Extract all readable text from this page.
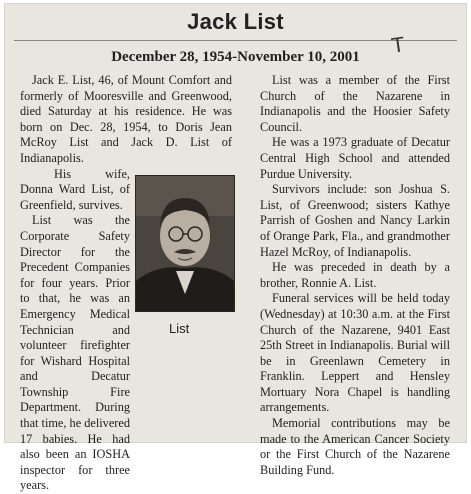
Jack List
December 28, 1954-November 10, 2001	T

Jack E. List, 46, of Mount Comfort and formerly of Mooresville and Greenwood, died Saturday at his residence. He was born on Dec. 28, 1954, to Doris Jean McRoy List and Jack D. List of Indianapolis.

His wife, Donna Ward List, of Greenfield, survives.

List was the Corporate Safety Director for the Precedent Companies for four years. Prior to that, he was an Emergency Medical Technician and volunteer firefighter for Wishard Hospital and Decatur Township Fire Department. During that time, he delivered 17 babies. He had also been an IOSHA inspector for three years.

List

List was a member of the First Church of the Nazarene in Indianapolis and the Hoosier Safety Council.

He was a 1973 graduate of Decatur Central High School and attended Purdue University.

Survivors include: son Joshua S. List, of Greenwood; sisters Kathye Parrish of Goshen and Nancy Larkin of Orange Park, Fla., and grandmother Hazel McRoy, of Indianapolis.

He was preceded in death by a brother, Ronnie A. List.

Funeral services will be held today (Wednesday) at 10:30 a.m. at the First Church of the Nazarene, 9401 East 25th Street in Indianapolis. Burial will be in Greenlawn Cemetery in Franklin. Leppert and Hensley Mortuary Nora Chapel is handling arrangements.

Memorial contributions may be made to the American Cancer Society or the First Church of the Nazarene Building Fund.
